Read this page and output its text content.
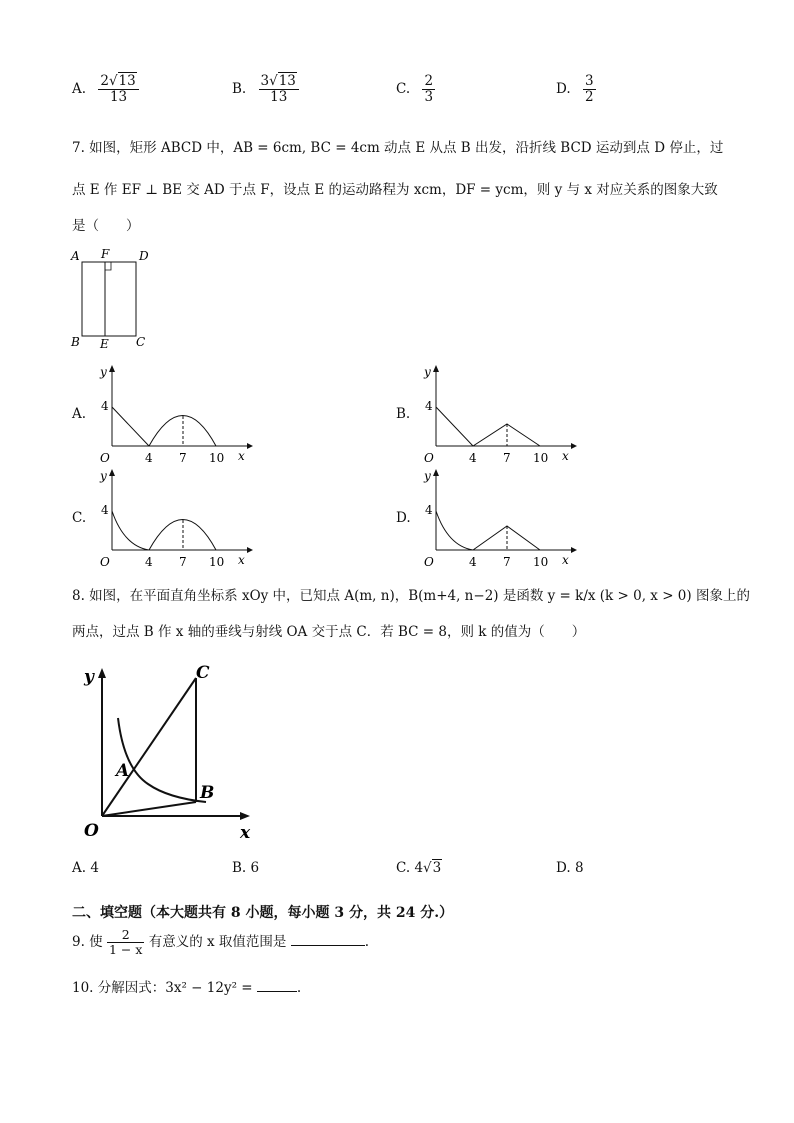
A. $\frac{2√13}{13}$	B. $\frac{3√13}{13}$	C. $\frac{2}{3}$	D. $\frac{3}{2}$
7. 如图，矩形 ABCD 中，AB = 6cm, BC = 4cm 动点 E 从点 B 出发，沿折线 BCD 运动到点 D 停止，过
点 E 作 EF ⊥ BE 交 AD 于点 F，设点 E 的运动路程为 xcm，DF = ycm，则 y 与 x 对应关系的图象大致
是（　　）
A F D
B E C
A.
y
4
O	4 7 10 x
B.
y
4
O	4 7 10 x
C.
y
4
O	4 7 10 x
D.
y
4
O	4 7 10 x
8. 如图，在平面直角坐标系 xOy 中，已知点 A(m, n)，B(m+4, n−2) 是函数 y = k/x (k > 0, x > 0) 图象上的
两点，过点 B 作 x 轴的垂线与射线 OA 交于点 C．若 BC = 8，则 k 的值为（　　）
y	C
A
B
O	x
A. 4	B. 6	C. 4√3	D. 8
二、填空题（本大题共有 8 小题，每小题 3 分，共 24 分.）
9. 使 $\frac{2}{1 - x}$ 有意义的 x 取值范围是	.
10. 分解因式：3x² − 12y² =	.
